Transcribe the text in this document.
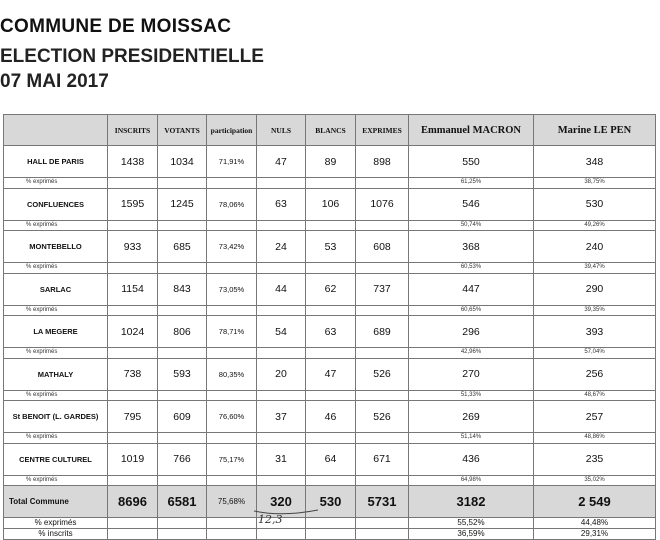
COMMUNE DE MOISSAC
ELECTION PRESIDENTIELLE
07 MAI 2017
	INSCRITS	VOTANTS	participation	NULS	BLANCS	EXPRIMES	Emmanuel MACRON	Marine LE PEN
HALL DE PARIS	1438	1034	71,91%	47	89	898	550	348
% exprimés							61,25%	38,75%
CONFLUENCES	1595	1245	78,06%	63	106	1076	546	530
% exprimés							50,74%	49,26%
MONTEBELLO	933	685	73,42%	24	53	608	368	240
% exprimés							60,53%	39,47%
SARLAC	1154	843	73,05%	44	62	737	447	290
% exprimés							60,65%	39,35%
LA MEGERE	1024	806	78,71%	54	63	689	296	393
% exprimés							42,96%	57,04%
MATHALY	738	593	80,35%	20	47	526	270	256
% exprimés							51,33%	48,67%
St BENOIT (L. GARDES)	795	609	76,60%	37	46	526	269	257
% exprimés							51,14%	48,86%
CENTRE CULTUREL	1019	766	75,17%	31	64	671	436	235
% exprimés							64,98%	35,02%
Total Commune	8696	6581	75,68%	320	530	5731	3182	2 549
% exprimés							55,52%	44,48%
% inscrits							36,59%	29,31%
12,3
